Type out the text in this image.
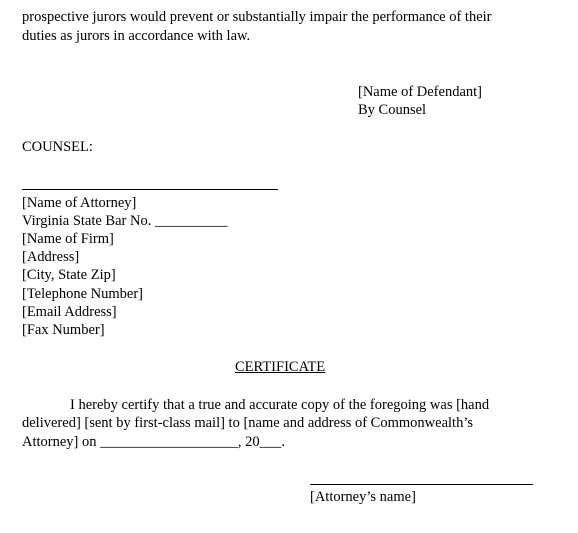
prospective jurors would prevent or substantially impair the performance of their
duties as jurors in accordance with law.
[Name of Defendant]
By Counsel
COUNSEL:
[Name of Attorney]
Virginia State Bar No. __________
[Name of Firm]
[Address]
[City, State Zip]
[Telephone Number]
[Email Address]
[Fax Number]
CERTIFICATE
I hereby certify that a true and accurate copy of the foregoing was [hand
delivered] [sent by first-class mail] to [name and address of Commonwealth’s
Attorney] on ___________________, 20___.
[Attorney’s name]
